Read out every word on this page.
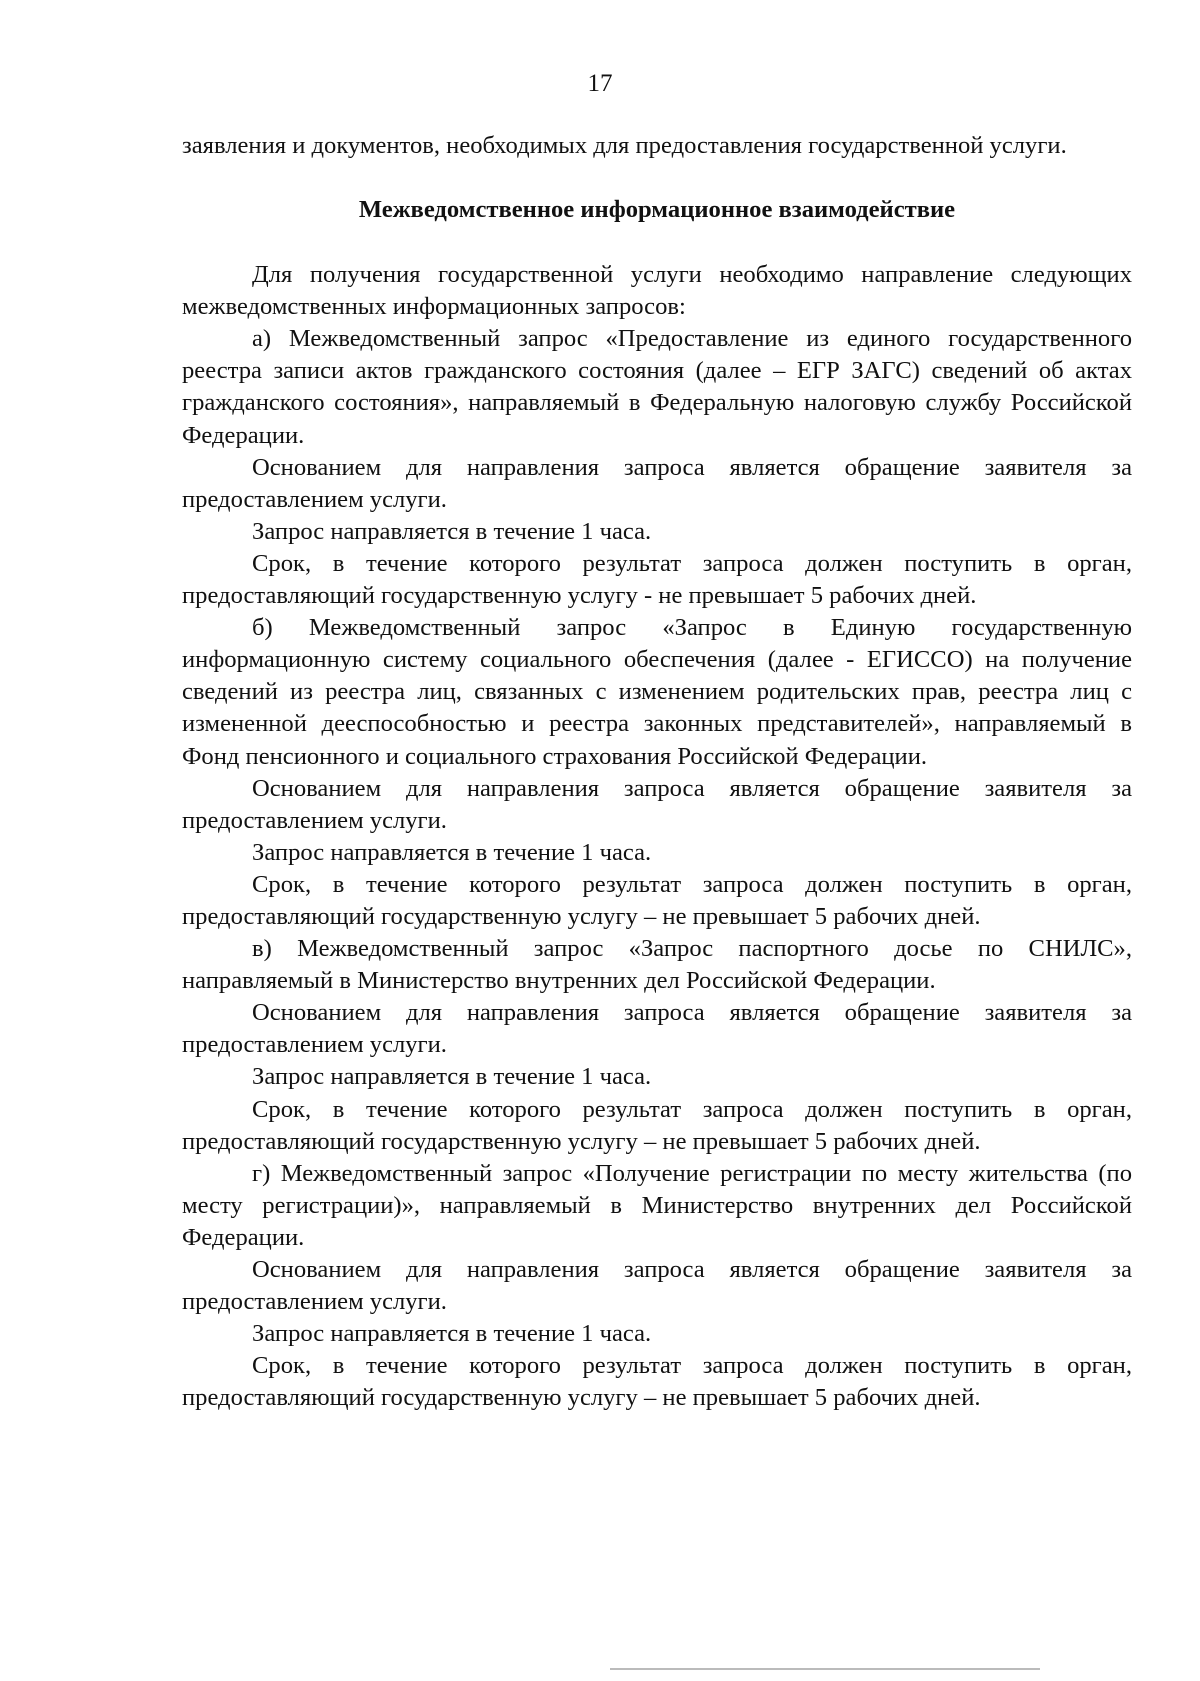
17

заявления и документов, необходимых для предоставления государственной услуги.

Межведомственное информационное взаимодействие

Для получения государственной услуги необходимо направление следующих межведомственных информационных запросов:

а) Межведомственный запрос «Предоставление из единого государственного реестра записи актов гражданского состояния (далее – ЕГР ЗАГС) сведений об актах гражданского состояния», направляемый в Федеральную налоговую службу Российской Федерации.

Основанием для направления запроса является обращение заявителя за предоставлением услуги.

Запрос направляется в течение 1 часа.

Срок, в течение которого результат запроса должен поступить в орган, предоставляющий государственную услугу - не превышает 5 рабочих дней.

б) Межведомственный запрос «Запрос в Единую государственную информационную систему социального обеспечения (далее - ЕГИССО) на получение сведений из реестра лиц, связанных с изменением родительских прав, реестра лиц с измененной дееспособностью и реестра законных представителей», направляемый в Фонд пенсионного и социального страхования Российской Федерации.

Основанием для направления запроса является обращение заявителя за предоставлением услуги.

Запрос направляется в течение 1 часа.

Срок, в течение которого результат запроса должен поступить в орган, предоставляющий государственную услугу – не превышает 5 рабочих дней.

в) Межведомственный запрос «Запрос паспортного досье по СНИЛС», направляемый в Министерство внутренних дел Российской Федерации.

Основанием для направления запроса является обращение заявителя за предоставлением услуги.

Запрос направляется в течение 1 часа.

Срок, в течение которого результат запроса должен поступить в орган, предоставляющий государственную услугу – не превышает 5 рабочих дней.

г) Межведомственный запрос «Получение регистрации по месту жительства (по месту регистрации)», направляемый в Министерство внутренних дел Российской Федерации.

Основанием для направления запроса является обращение заявителя за предоставлением услуги.

Запрос направляется в течение 1 часа.

Срок, в течение которого результат запроса должен поступить в орган, предоставляющий государственную услугу – не превышает 5 рабочих дней.
